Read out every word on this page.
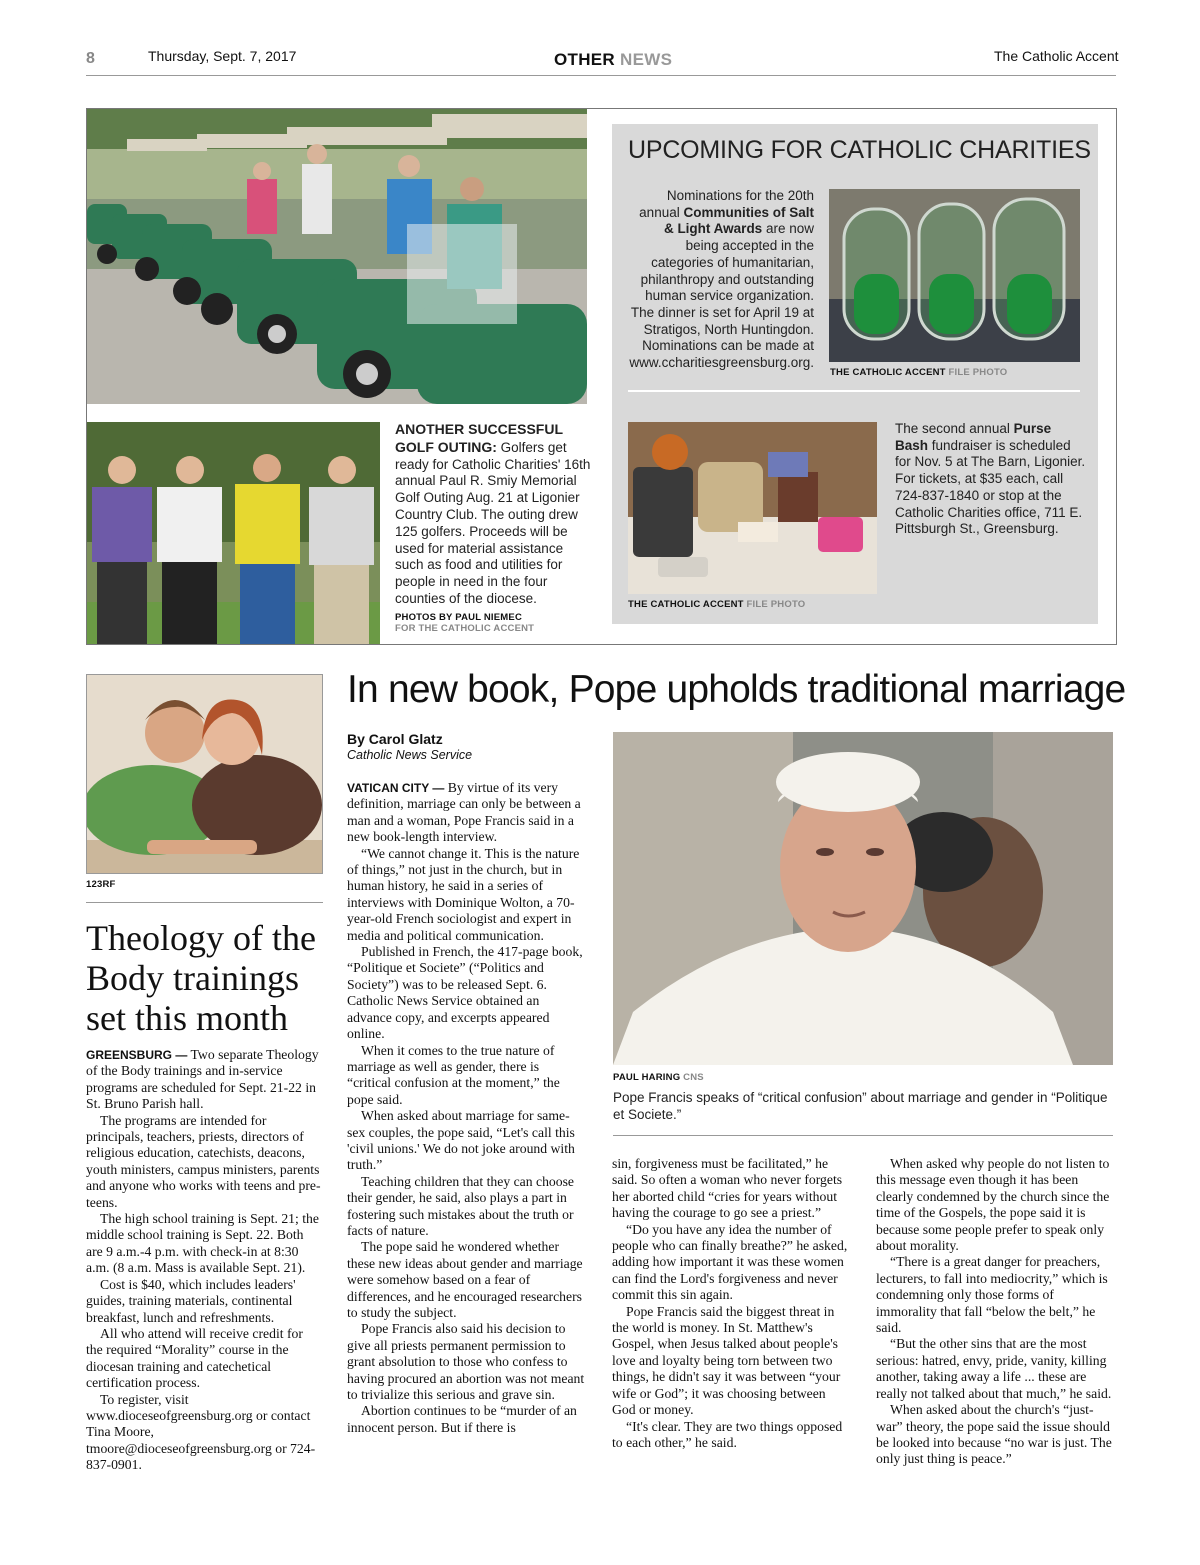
8	Thursday, Sept. 7, 2017	OTHER NEWS	The Catholic Accent
ANOTHER SUCCESSFUL GOLF OUTING: Golfers get ready for Catholic Charities' 16th annual Paul R. Smiy Memorial Golf Outing Aug. 21 at Ligonier Country Club. The outing drew 125 golfers. Proceeds will be used for material assistance such as food and utilities for people in need in the four counties of the diocese.
PHOTOS BY PAUL NIEMEC
FOR THE CATHOLIC ACCENT
UPCOMING FOR CATHOLIC CHARITIES
Nominations for the 20th annual Communities of Salt & Light Awards are now being accepted in the categories of humanitarian, philanthropy and outstanding human service organization. The dinner is set for April 19 at Stratigos, North Huntingdon. Nominations can be made at www.ccharitiesgreensburg.org.
THE CATHOLIC ACCENT FILE PHOTO
THE CATHOLIC ACCENT FILE PHOTO
The second annual Purse Bash fundraiser is scheduled for Nov. 5 at The Barn, Ligonier. For tickets, at $35 each, call 724-837-1840 or stop at the Catholic Charities office, 711 E. Pittsburgh St., Greensburg.
123RF
Theology of the Body trainings set this month

GREENSBURG — Two separate Theology of the Body trainings and in-service programs are scheduled for Sept. 21-22 in St. Bruno Parish hall.

The programs are intended for principals, teachers, priests, directors of religious education, catechists, deacons, youth ministers, campus ministers, parents and anyone who works with teens and pre-teens.

The high school training is Sept. 21; the middle school training is Sept. 22. Both are 9 a.m.-4 p.m. with check-in at 8:30 a.m. (8 a.m. Mass is available Sept. 21).

Cost is $40, which includes leaders' guides, training materials, continental breakfast, lunch and refreshments.

All who attend will receive credit for the required “Morality” course in the diocesan training and catechetical certification process.

To register, visit www.dioceseofgreensburg.org or contact Tina Moore, tmoore@dioceseofgreensburg.org or 724-837-0901.

In new book, Pope upholds traditional marriage
By Carol Glatz
Catholic News Service

VATICAN CITY — By virtue of its very definition, marriage can only be between a man and a woman, Pope Francis said in a new book-length interview.

“We cannot change it. This is the nature of things,” not just in the church, but in human history, he said in a series of interviews with Dominique Wolton, a 70-year-old French sociologist and expert in media and political communication.

Published in French, the 417-page book, “Politique et Societe” (“Politics and Society”) was to be released Sept. 6. Catholic News Service obtained an advance copy, and excerpts appeared online.

When it comes to the true nature of marriage as well as gender, there is “critical confusion at the moment,” the pope said.

When asked about marriage for same-sex couples, the pope said, “Let's call this 'civil unions.' We do not joke around with truth.”

Teaching children that they can choose their gender, he said, also plays a part in fostering such mistakes about the truth or facts of nature.

The pope said he wondered whether these new ideas about gender and marriage were somehow based on a fear of differences, and he encouraged researchers to study the subject.

Pope Francis also said his decision to give all priests permanent permission to grant absolution to those who confess to having procured an abortion was not meant to trivialize this serious and grave sin.

Abortion continues to be “murder of an innocent person. But if there is

PAUL HARING CNS
Pope Francis speaks of “critical confusion” about marriage and gender in “Politique et Societe.”

sin, forgiveness must be facilitated,” he said. So often a woman who never forgets her aborted child “cries for years without having the courage to go see a priest.”

“Do you have any idea the number of people who can finally breathe?” he asked, adding how important it was these women can find the Lord's forgiveness and never commit this sin again.

Pope Francis said the biggest threat in the world is money. In St. Matthew's Gospel, when Jesus talked about people's love and loyalty being torn between two things, he didn't say it was between “your wife or God”; it was choosing between God or money.

“It's clear. They are two things opposed to each other,” he said.

When asked why people do not listen to this message even though it has been clearly condemned by the church since the time of the Gospels, the pope said it is because some people prefer to speak only about morality.

“There is a great danger for preachers, lecturers, to fall into mediocrity,” which is condemning only those forms of immorality that fall “below the belt,” he said.

“But the other sins that are the most serious: hatred, envy, pride, vanity, killing another, taking away a life ... these are really not talked about that much,” he said.

When asked about the church's “just-war” theory, the pope said the issue should be looked into because “no war is just. The only just thing is peace.”
